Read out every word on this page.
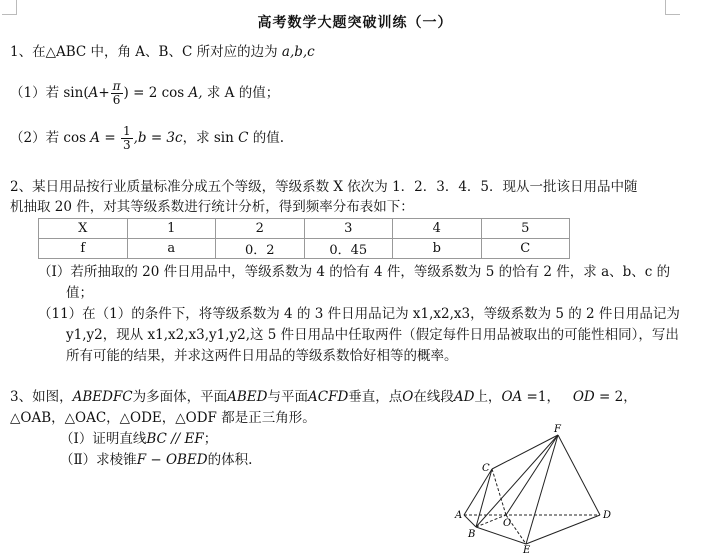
高考数学大题突破训练（一）
1、在△ABC 中，角 A、B、C 所对应的边为 a,b,c
（1）若 $\sin(A+ \frac{\pi}{6}$ ) = 2 cos A, 求 A 的值；
（2）若 $\cos A = \frac{1}{3} ,b = 3c$，求 sin C 的值.
2、某日用品按行业质量标准分成五个等级，等级系数 X 依次为 1．2．3．4．5．现从一批该日用品中随
机抽取 20 件，对其等级系数进行统计分析，得到频率分布表如下：
X	1	2	3	4	5
f	a	0．2	0．45	b	C
（I）若所抽取的 20 件日用品中，等级系数为 4 的恰有 4 件，等级系数为 5 的恰有 2 件，求 a、b、c 的
值；
（11）在（1）的条件下，将等级系数为 4 的 3 件日用品记为 x1,x2,x3，等级系数为 5 的 2 件日用品记为
y1,y2，现从 x1,x2,x3,y1,y2,这 5 件日用品中任取两件（假定每件日用品被取出的可能性相同），写出
所有可能的结果，并求这两件日用品的等级系数恰好相等的概率。
3、如图，ABEDFC为多面体，平面ABED与平面ACFD垂直，点O在线段AD上，OA =1， OD = 2，
△OAB，△OAC，△ODE，△ODF 都是正三角形。
（Ⅰ）证明直线BC // EF；
（Ⅱ）求棱锥F − OBED的体积.
F
C
A
O
D
B
E
